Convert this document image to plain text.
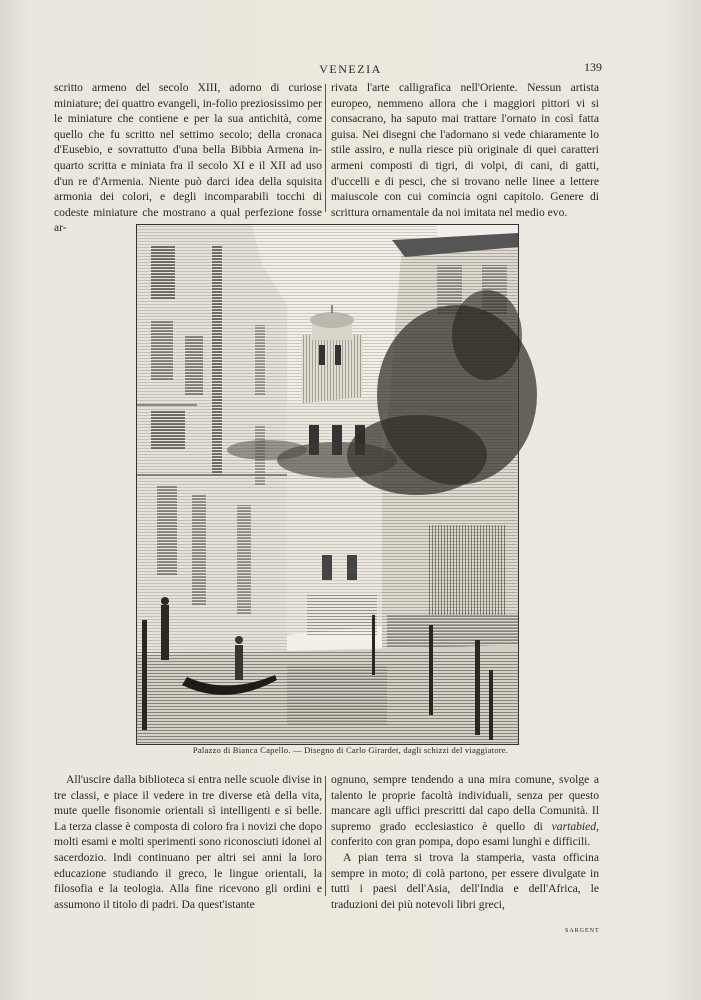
VENEZIA	139

scritto armeno del secolo XIII, adorno di curiose miniature; dei quattro evangeli, in-folio preziosissimo per le miniature che contiene e per la sua antichità, come quello che fu scritto nel settimo secolo; della cronaca d'Eusebio, e sovrattutto d'una bella Bibbia Armena in-quarto scritta e miniata fra il secolo XI e il XII ad uso d'un re d'Armenia. Niente può darci idea della squisita armonia dei colori, e degli incomparabili tocchi di codeste miniature che mostrano a qual perfezione fosse ar-

rivata l'arte calligrafica nell'Oriente. Nessun artista europeo, nemmeno allora che i maggiori pittori vi si consacrano, ha saputo mai trattare l'ornato in così fatta guisa. Nei disegni che l'adornano si vede chiaramente lo stile assiro, e nulla riesce più originale di quei caratteri armeni composti di tigri, di volpi, di cani, di gatti, d'uccelli e di pesci, che si trovano nelle linee a lettere maiuscole con cui comincia ogni capitolo. Genere di scrittura ornamentale da noi imitata nel medio evo.

SARGENT
Palazzo di Bianca Capello. — Disegno di Carlo Girardet, dagli schizzi del viaggiatore.

All'uscire dalla biblioteca si entra nelle scuole divise in tre classi, e piace il vedere in tre diverse età della vita, mute quelle fisonomie orientali sì intelligenti e sì belle. La terza classe è composta di coloro fra i novizi che dopo molti esami e molti sperimenti sono riconosciuti idonei al sacerdozio. Indi continuano per altri sei anni la loro educazione studiando il greco, le lingue orientali, la filosofia e la teologia. Alla fine ricevono gli ordini e assumono il titolo di padri. Da quest'istante

ognuno, sempre tendendo a una mira comune, svolge a talento le proprie facoltà individuali, senza per questo mancare agli uffici prescritti dal capo della Comunità. Il supremo grado ecclesiastico è quello di vartabied, conferito con gran pompa, dopo esami lunghi e difficili.

A pian terra si trova la stamperia, vasta officina sempre in moto; di colà partono, per essere divulgate in tutti i paesi dell'Asia, dell'India e dell'Africa, le traduzioni dei più notevoli libri greci,
